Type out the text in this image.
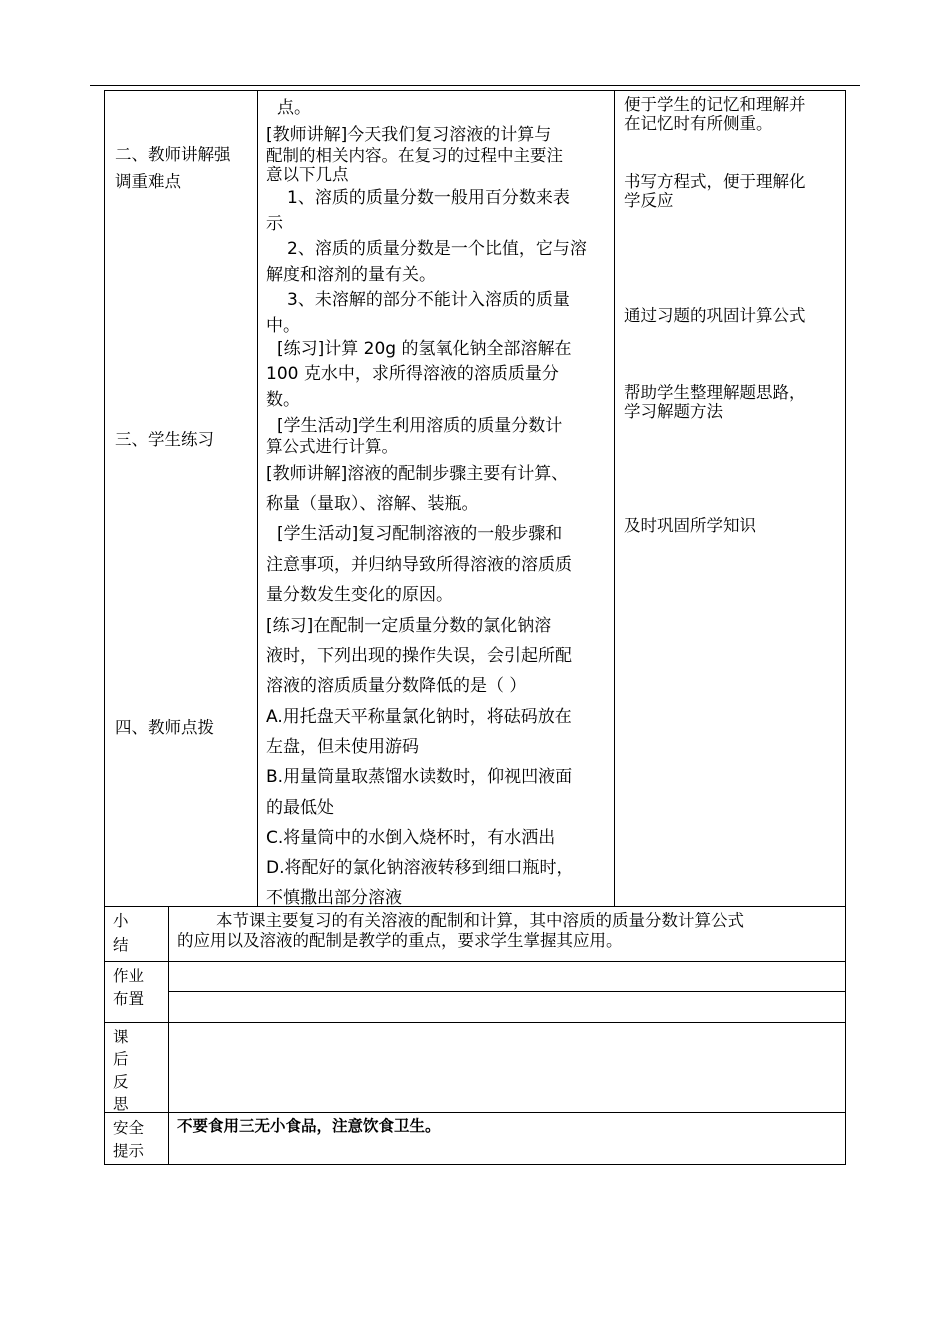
二、教师讲解强
调重难点
三、学生练习
四、教师点拨
点。
[教师讲解]今天我们复习溶液的计算与
配制的相关内容。在复习的过程中主要注
意以下几点
1、溶质的质量分数一般用百分数来表
示
2、溶质的质量分数是一个比值，它与溶
解度和溶剂的量有关。
3、未溶解的部分不能计入溶质的质量
中。
[练习]计算 20g 的氢氧化钠全部溶解在
100 克水中，求所得溶液的溶质质量分
数。
[学生活动]学生利用溶质的质量分数计
算公式进行计算。
[教师讲解]溶液的配制步骤主要有计算、
称量（量取）、溶解、装瓶。
[学生活动]复习配制溶液的一般步骤和
注意事项，并归纳导致所得溶液的溶质质
量分数发生变化的原因。
[练习]在配制一定质量分数的氯化钠溶
液时，下列出现的操作失误，会引起所配
溶液的溶质质量分数降低的是（ ）
A.用托盘天平称量氯化钠时，将砝码放在
左盘，但未使用游码
B.用量筒量取蒸馏水读数时，仰视凹液面
的最低处
C.将量筒中的水倒入烧杯时，有水洒出
D.将配好的氯化钠溶液转移到细口瓶时，
不慎撒出部分溶液
便于学生的记忆和理解并
在记忆时有所侧重。
书写方程式，便于理解化
学反应
通过习题的巩固计算公式
帮助学生整理解题思路，
学习解题方法
及时巩固所学知识
小
结
本节课主要复习的有关溶液的配制和计算，其中溶质的质量分数计算公式
的应用以及溶液的配制是教学的重点，要求学生掌握其应用。
作业
布置
课
后
反
思
安全
提示
不要食用三无小食品，注意饮食卫生。
